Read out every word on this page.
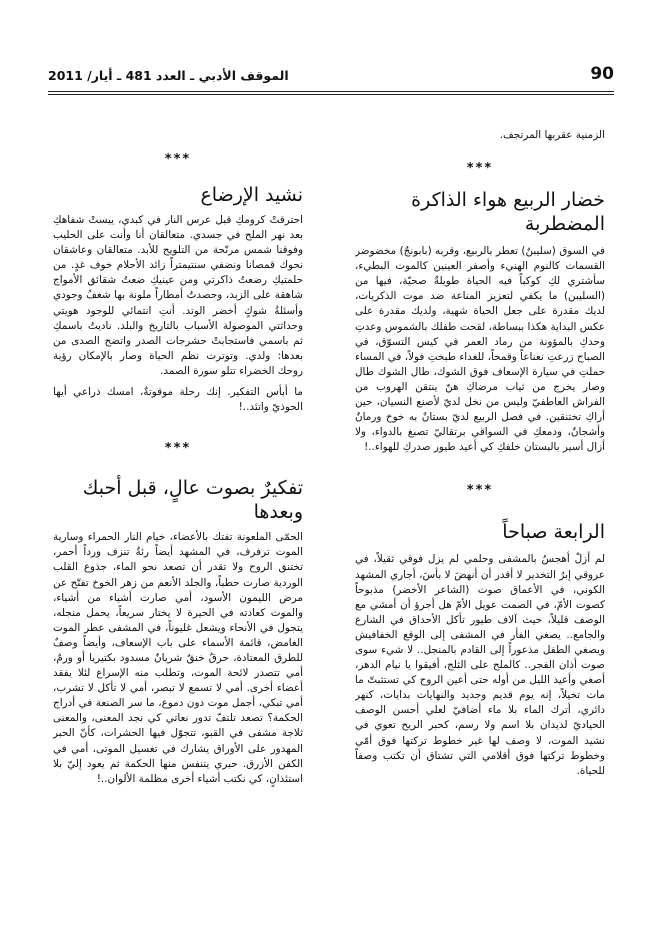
90
الموقف الأدبي ـ العدد 481 ـ أيار/ 2011

الزمنية عقربها المرتجف.

***

خضار الربيع هواء الذاكرة المضطربة

في السوق (سليبنٌ) تعطر بالربيع، وقربه (بابونجٌ) مخضوضر القسمات كالنوم الهنيء وأصفر العينين كالموت البطيء، سأشتري لكِ كوكباً فيه الحياة طويلةٌ صحيّة، فيها من (السليبن) ما يكفي لتعزيز المناعة ضد موت الذكريات، لديك مقدرة على جعل الحياة شهية، ولديك مقدرة على عكس البداية هكذا ببساطة، لقحت طفلك بالشموس وعدتِ وحدكِ بالمؤونة من رماد العمر في كيس التسوّق، في الصباح زرعتِ نعناعاً وقمحاً، للغداء طبختِ فولاً، في المساء حملتِ في سيارة الإسعاف فوق الشوك، طال الشوك طال وصار يخرج من ثياب مرضاكِ هنّ ينتقن الهروب من الفراش العاطفيّ وليس من نخل لديّ لأصنع النسيان، حين أراكِ تختنقين. في فصل الربيع لديّ بستانٌ به خوخ ورمانٌ وأشجانٌ، ودمعكِ في السواقي برتقاليّ تصبغ بالدواء، ولا أزال أسير بالبستان خلفكِ كي أعيد طيور صدركِ للهواء..!

***

الرابعة صباحاً

لم أزلْ أهجسُ بالمشفى وحلمي لم يزل فوقي ثقيلاً، في عروقي إبرُ التخدير لا أقدر أن أنهضَ لا بأسَ، أجاري المشهد الكوني، في الأعماق صوت (الشاعر الأخضر) مذبوحاً كصوت الأمّ، في الصمت عويل الأمّ هل أجرؤ أن أمشي مع الوصف قليلاً، حيث آلاف طيور تأكل الأحداق في الشارع والجامع.. يصغي الفأر في المشفى إلى الوقع الخفافيش ويصغي الطفل مذعوراً إلى القادم بالمنجل.. لا شيء سوى صوت أذان الفجر.. كالملح على الثلج، أفيقوا يا نيام الدهر، أصغي وأعيد الليل من أوله حتى أعين الروح كي تستثبتّ ما مات تخيلاً، إنه يوم قديم وجديد والنهايات بدايات، كنهر دائري، أترك الماء بلا ماء أضافيّ لعلي أحسن الوصف الحياديّ لديدان بلا اسم ولا رسم، كحبر الريح تعوي في نشيد الموت، لا وصف لها غير خطوط تركتها فوق أمّي وخطوط تركتها فوق أقلامي التي تشتاق أن تكتب وصفاً للحياة.

***

نشيد الإرضاع

احترقتْ كرومكِ قبل عرس النار في كبدي، يبستْ شفاهكِ بعد نهر الملح في جسدي. متعالقان أنا وأنت على الحليب وفوقنا شمس مرنّحة من التلويح للأبد. متعالقان وعاشقان نحوك قمصانا ونضفي سنتيمتراً زائد الأحلام خوف غدٍ. من حلمتيكِ رضعتُ ذاكرتي ومن عينيكِ ضعتُ شقائق الأمواج شاهقة على الزبد، وحصدتُ أمطاراً ملونة بها شغفُ وجودي وأسئلةُ شوكٍ أخضر الوتد. أنتِ انتمائي للوجود هويتي وحداثتي الموصولة الأسباب بالتاريخ والبلد. ناديتُ باسمكِ ثم باسمي فاستجابتْ حشرجات الصدر واتضح الصدى من بعدها: ولدي. وتوترت نظم الحياة وصار بالإمكان رؤية روحك الخضراء تتلو سورة الصمد.

ما أبأس التفكير. إنك رحلة موقوتةٌ، امسك ذراعي أيها الحوذيّ واتئد..!

***

تفكيرٌ بصوت عالٍ، قبل أحبك وبعدها

الحمّى الملعونة تفتك بالأعضاء، خيام النار الحمراء وسارية الموت ترفرف، في المشهد أيضاً رئةٌ تنزف ورداً أحمر، تختنق الروح ولا تقدر أن تصعد نحو الماء، جذوع القلب الوردية صارت حطباً، والجلد الأنعم من زهر الخوخ تفتّح عن مرض الليمون الأسود، أمي صارت أشياء من أشياء، والموت كعادته في الحيرة لا يختار سريعاً، يحمل منجله، يتجول في الأنحاء ويشعل غليوناً، في المشفى عطر الموت الغامض، قائمة الأسماء على باب الإسعاف، وأيضاً وصفٌ للطرق المعتادة، حرقٌ خنقٌ شريانٌ مسدود بكتيريا أو ورمٌ، أمي تتصدر لائحة الموت، وتطلب منه الإسراع لئلا يفقد أعضاء أخرى. أمي لا تسمع لا تبصر، أمي لا تأكل لا تشرب، أمي تبكي، أجمل موت دون دموع، ما سر الصنعة في أدراج الحكمة؟ تصعد تلتفّ تدور نعاتي كي نجد المعنى، والمعنى ثلاجة مشفى في القبو، تتجوّل فيها الحشرات، كأنّ الحبر المهدور على الأوراق يشارك في تغسيل الموتى، أمي في الكفن الأزرق. حبري يتنفس منها الحكمة ثم يعود إليّ بلا استئذانٍ، كي نكتب أشياء أخرى مظلمة الألوان..!
